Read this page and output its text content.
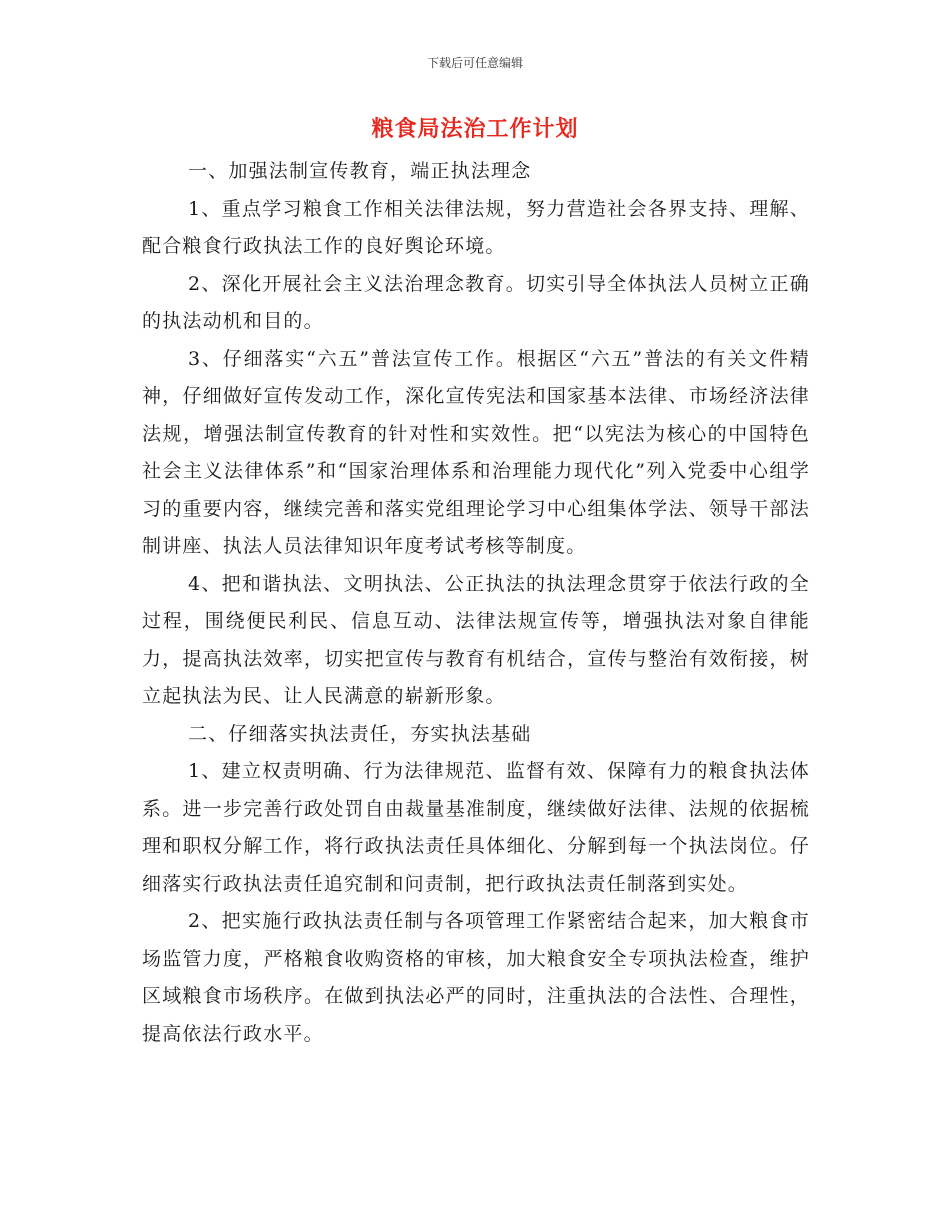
下载后可任意编辑
粮食局法治工作计划

一、加强法制宣传教育，端正执法理念

1、重点学习粮食工作相关法律法规，努力营造社会各界支持、理解、配合粮食行政执法工作的良好舆论环境。

2、深化开展社会主义法治理念教育。切实引导全体执法人员树立正确的执法动机和目的。

3、仔细落实“六五”普法宣传工作。根据区“六五”普法的有关文件精神，仔细做好宣传发动工作，深化宣传宪法和国家基本法律、市场经济法律法规，增强法制宣传教育的针对性和实效性。把“以宪法为核心的中国特色社会主义法律体系”和“国家治理体系和治理能力现代化”列入党委中心组学习的重要内容，继续完善和落实党组理论学习中心组集体学法、领导干部法制讲座、执法人员法律知识年度考试考核等制度。

4、把和谐执法、文明执法、公正执法的执法理念贯穿于依法行政的全过程，围绕便民利民、信息互动、法律法规宣传等，增强执法对象自律能力，提高执法效率，切实把宣传与教育有机结合，宣传与整治有效衔接，树立起执法为民、让人民满意的崭新形象。

二、仔细落实执法责任，夯实执法基础

1、建立权责明确、行为法律规范、监督有效、保障有力的粮食执法体系。进一步完善行政处罚自由裁量基准制度，继续做好法律、法规的依据梳理和职权分解工作，将行政执法责任具体细化、分解到每一个执法岗位。仔细落实行政执法责任追究制和问责制，把行政执法责任制落到实处。

2、把实施行政执法责任制与各项管理工作紧密结合起来，加大粮食市场监管力度，严格粮食收购资格的审核，加大粮食安全专项执法检查，维护区域粮食市场秩序。在做到执法必严的同时，注重执法的合法性、合理性，提高依法行政水平。
